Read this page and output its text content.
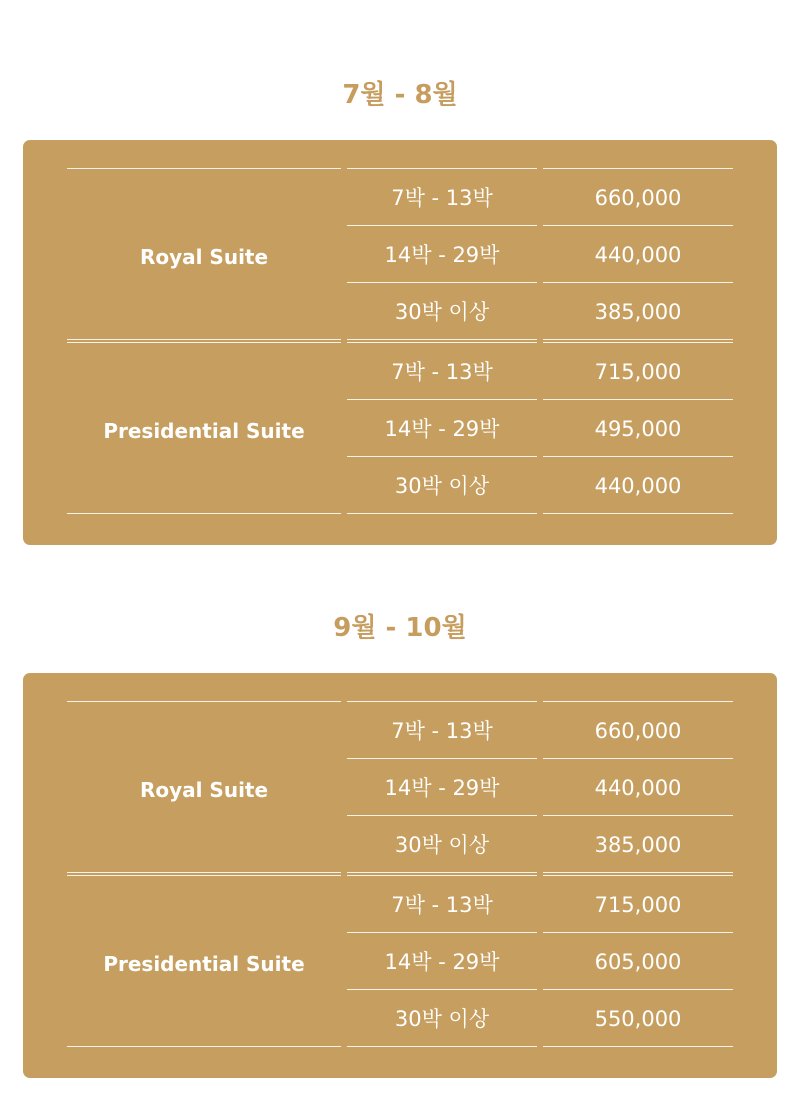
7월 - 8월
Royal Suite
7박 - 13박	660,000
14박 - 29박	440,000
30박 이상	385,000
Presidential Suite
7박 - 13박	715,000
14박 - 29박	495,000
30박 이상	440,000
9월 - 10월
Royal Suite
7박 - 13박	660,000
14박 - 29박	440,000
30박 이상	385,000
Presidential Suite
7박 - 13박	715,000
14박 - 29박	605,000
30박 이상	550,000
